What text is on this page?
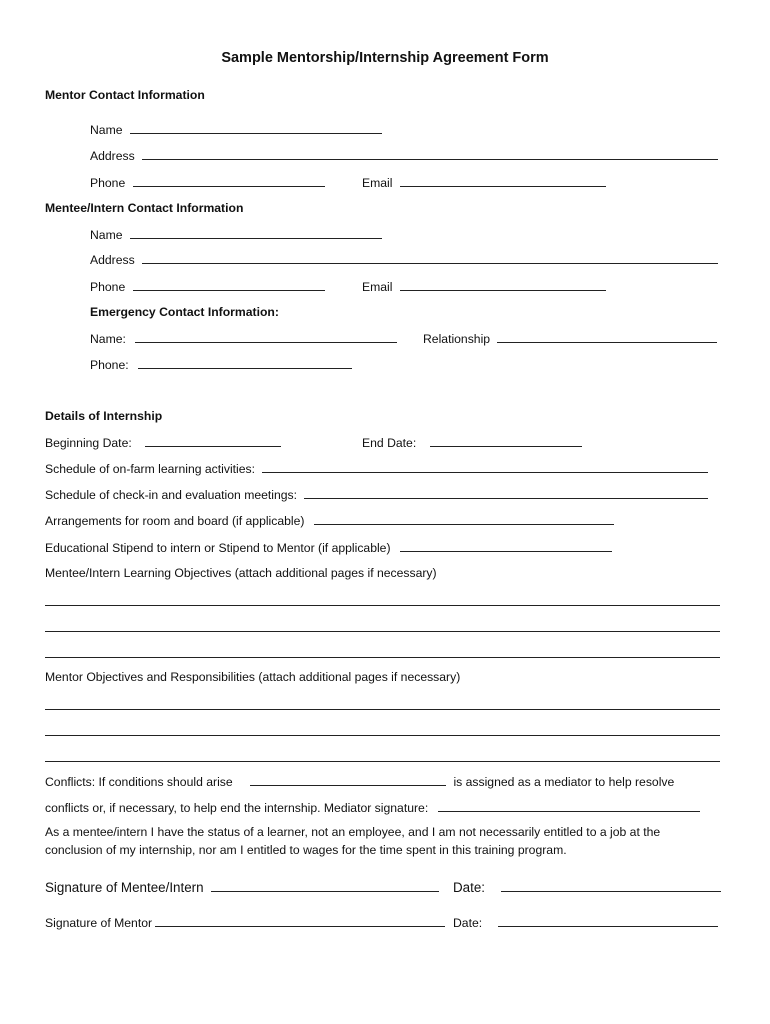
Sample Mentorship/Internship Agreement Form
Mentor Contact Information
Name
Address
Phone	Email
Mentee/Intern Contact Information
Name
Address
Phone	Email
Emergency Contact Information:
Name:	Relationship
Phone:
Details of Internship
Beginning Date:	End Date:
Schedule of on-farm learning activities:
Schedule of check-in and evaluation meetings:
Arrangements for room and board (if applicable)
Educational Stipend to intern or Stipend to Mentor (if applicable)
Mentee/Intern Learning Objectives (attach additional pages if necessary)
Mentor Objectives and Responsibilities (attach additional pages if necessary)
Conflicts: If conditions should arise	is assigned as a mediator to help resolve
conflicts or, if necessary, to help end the internship. Mediator signature:
As a mentee/intern I have the status of a learner, not an employee, and I am not necessarily entitled to a job at the
conclusion of my internship, nor am I entitled to wages for the time spent in this training program.
Signature of Mentee/Intern	Date:
Signature of Mentor	Date:
